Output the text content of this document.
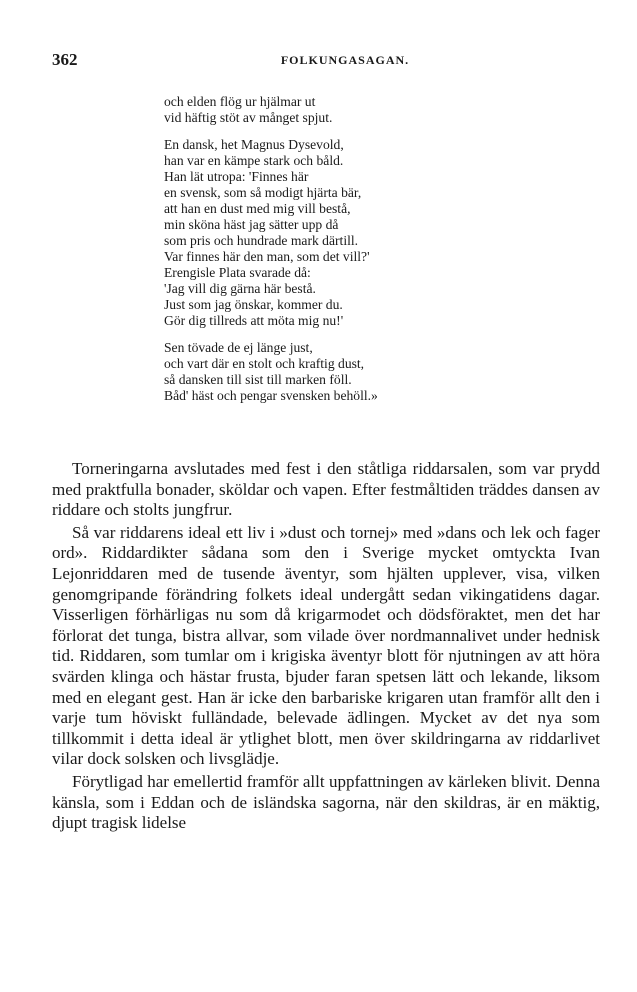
362	FOLKUNGASAGAN.
och elden flög ur hjälmar ut
vid häftig stöt av månget spjut.
En dansk, het Magnus Dysevold,
han var en kämpe stark och båld.
Han lät utropa: 'Finnes här
en svensk, som så modigt hjärta bär,
att han en dust med mig vill bestå,
min sköna häst jag sätter upp då
som pris och hundrade mark därtill.
Var finnes här den man, som det vill?'
Erengisle Plata svarade då:
'Jag vill dig gärna här bestå.
Just som jag önskar, kommer du.
Gör dig tillreds att möta mig nu!'
Sen tövade de ej länge just,
och vart där en stolt och kraftig dust,
så dansken till sist till marken föll.
Båd' häst och pengar svensken behöll.»

Torneringarna avslutades med fest i den ståtliga riddarsalen, som var prydd med praktfulla bonader, sköldar och vapen. Efter festmåltiden träddes dansen av riddare och stolts jungfrur.

Så var riddarens ideal ett liv i »dust och tornej» med »dans och lek och fager ord». Riddardikter sådana som den i Sverige mycket omtyckta Ivan Lejonriddaren med de tusende äventyr, som hjälten upplever, visa, vilken genomgripande förändring folkets ideal undergått sedan vikingatidens dagar. Visserligen förhärligas nu som då krigarmodet och dödsföraktet, men det har förlorat det tunga, bistra allvar, som vilade över nordmannalivet under hednisk tid. Riddaren, som tumlar om i krigiska äventyr blott för njutningen av att höra svärden klinga och hästar frusta, bjuder faran spetsen lätt och lekande, liksom med en elegant gest. Han är icke den barbariske krigaren utan framför allt den i varje tum höviskt fulländade, belevade ädlingen. Mycket av det nya som tillkommit i detta ideal är ytlighet blott, men över skildringarna av riddarlivet vilar dock solsken och livsglädje.

Förytligad har emellertid framför allt uppfattningen av kärleken blivit. Denna känsla, som i Eddan och de isländska sagorna, när den skildras, är en mäktig, djupt tragisk lidelse
